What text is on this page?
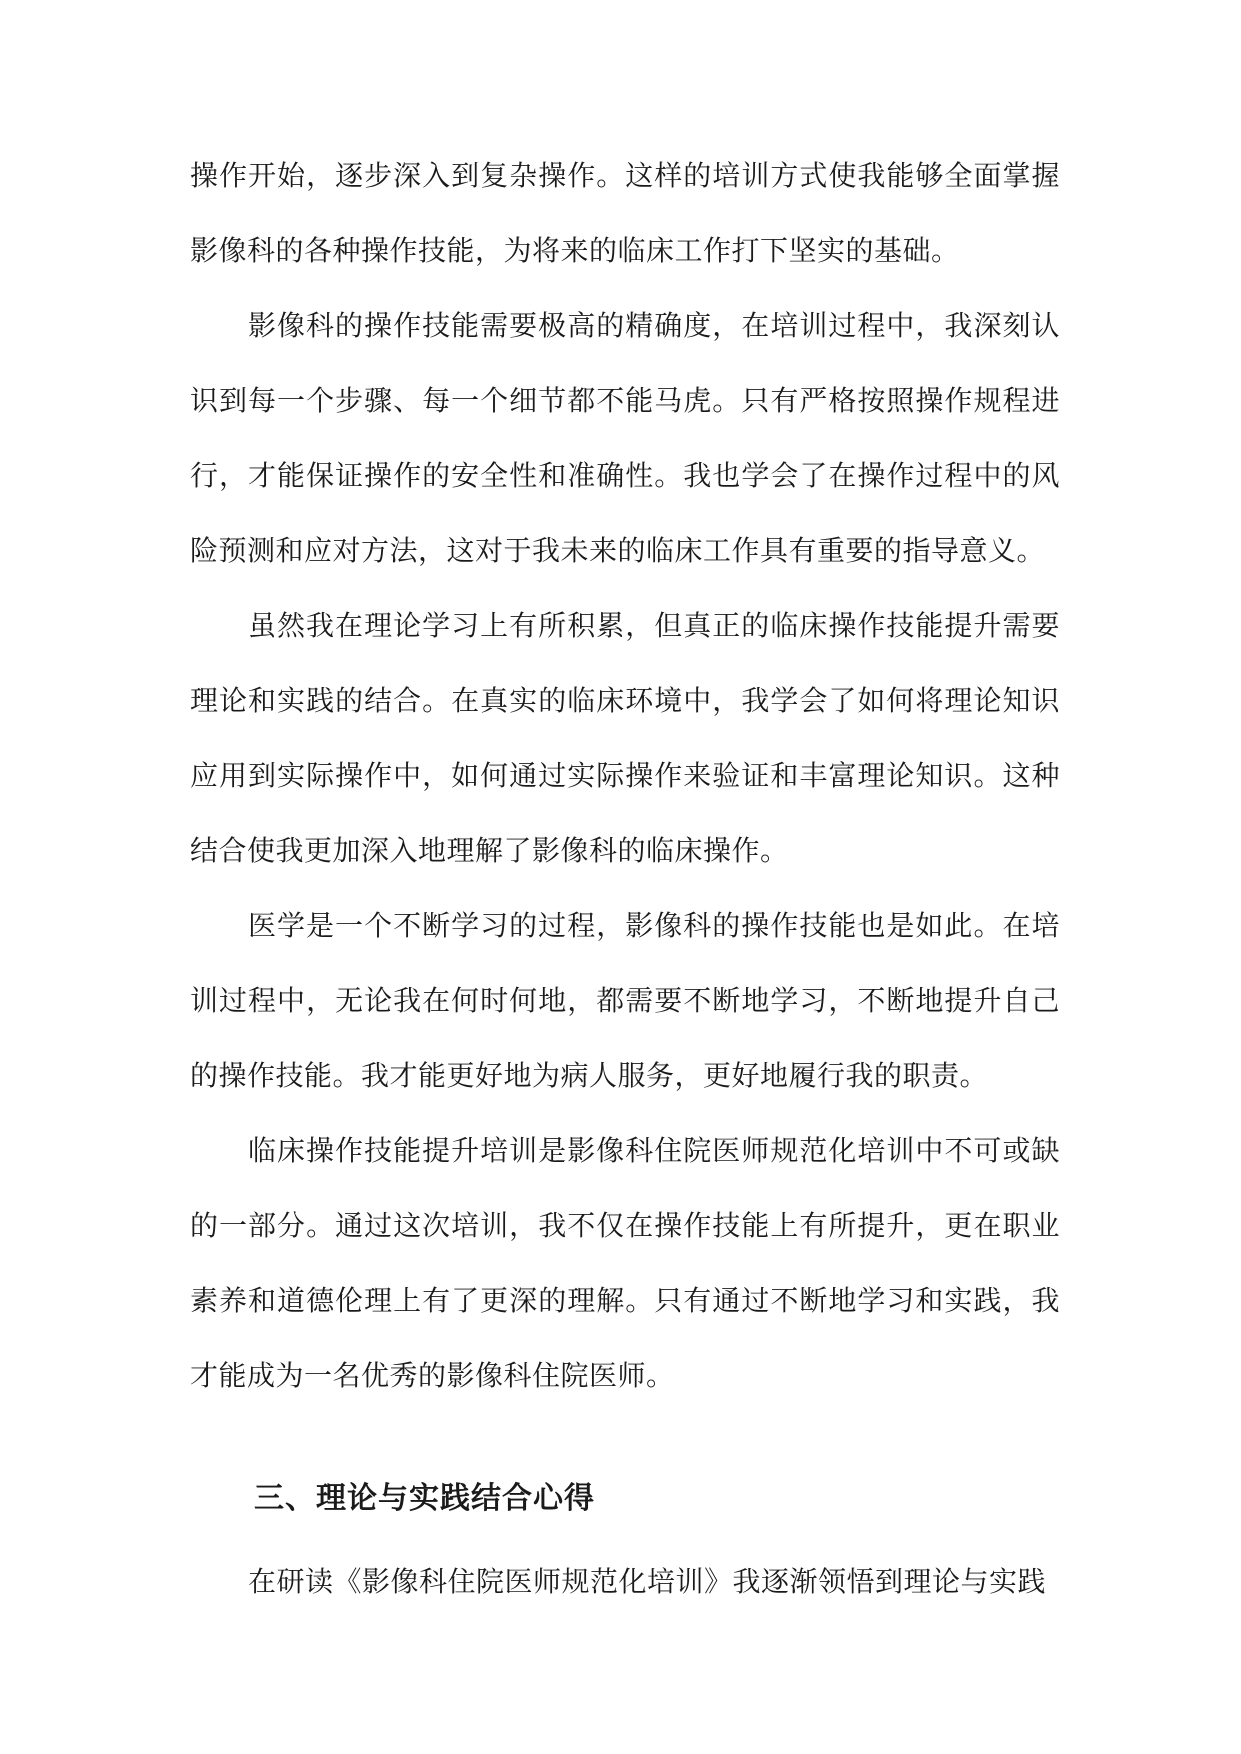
操作开始，逐步深入到复杂操作。这样的培训方式使我能够全面掌握影像科的各种操作技能，为将来的临床工作打下坚实的基础。

影像科的操作技能需要极高的精确度，在培训过程中，我深刻认识到每一个步骤、每一个细节都不能马虎。只有严格按照操作规程进行，才能保证操作的安全性和准确性。我也学会了在操作过程中的风险预测和应对方法，这对于我未来的临床工作具有重要的指导意义。

虽然我在理论学习上有所积累，但真正的临床操作技能提升需要理论和实践的结合。在真实的临床环境中，我学会了如何将理论知识应用到实际操作中，如何通过实际操作来验证和丰富理论知识。这种结合使我更加深入地理解了影像科的临床操作。

医学是一个不断学习的过程，影像科的操作技能也是如此。在培训过程中，无论我在何时何地，都需要不断地学习，不断地提升自己的操作技能。我才能更好地为病人服务，更好地履行我的职责。

临床操作技能提升培训是影像科住院医师规范化培训中不可或缺的一部分。通过这次培训，我不仅在操作技能上有所提升，更在职业素养和道德伦理上有了更深的理解。只有通过不断地学习和实践，我才能成为一名优秀的影像科住院医师。

三、理论与实践结合心得

在研读《影像科住院医师规范化培训》我逐渐领悟到理论与实践
